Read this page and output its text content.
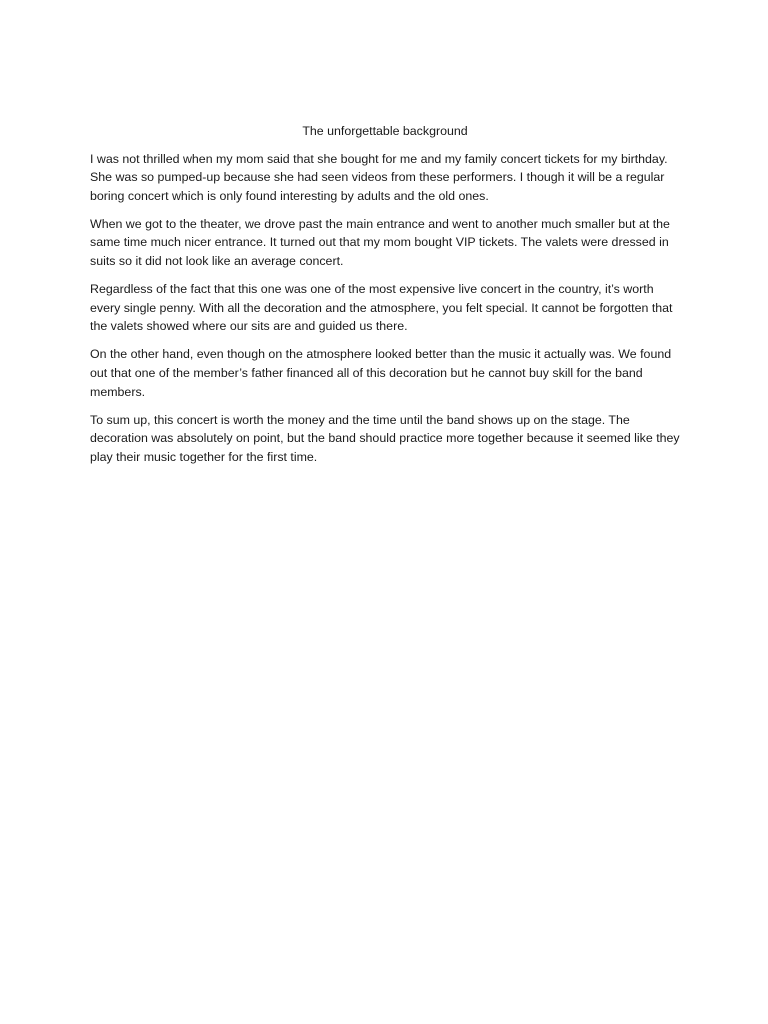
The unforgettable background

I was not thrilled when my mom said that she bought for me and my family concert tickets for my birthday. She was so pumped-up because she had seen videos from these performers. I though it will be a regular boring concert which is only found interesting by adults and the old ones.

When we got to the theater, we drove past the main entrance and went to another much smaller but at the same time much nicer entrance. It turned out that my mom bought VIP tickets. The valets were dressed in suits so it did not look like an average concert.

Regardless of the fact that this one was one of the most expensive live concert in the country, it’s worth every single penny. With all the decoration and the atmosphere, you felt special. It cannot be forgotten that the valets showed where our sits are and guided us there.

On the other hand, even though on the atmosphere looked better than the music it actually was. We found out that one of the member’s father financed all of this decoration but he cannot buy skill for the band members.

To sum up, this concert is worth the money and the time until the band shows up on the stage. The decoration was absolutely on point, but the band should practice more together because it seemed like they play their music together for the first time.
